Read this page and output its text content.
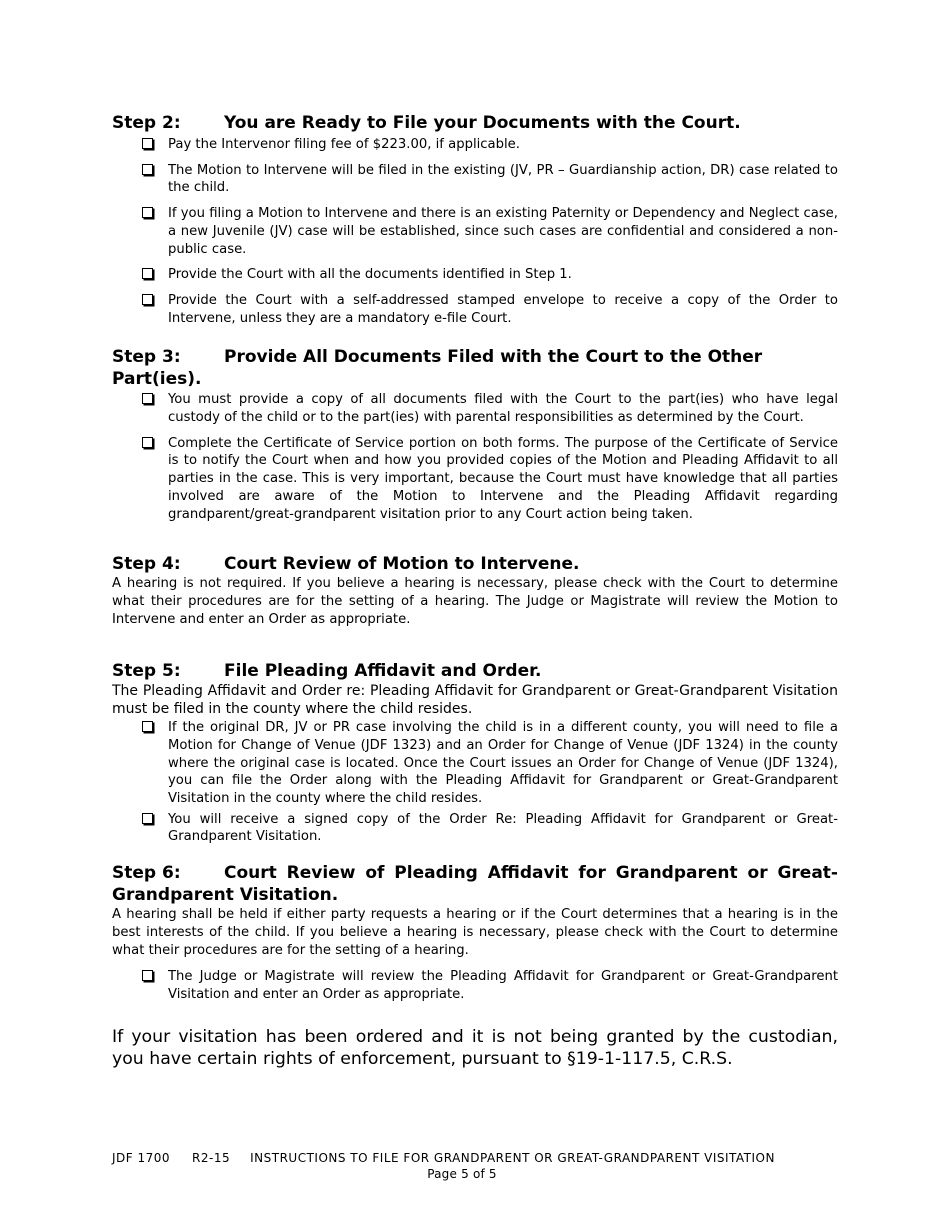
Step 2:	You are Ready to File your Documents with the Court.
Pay the Intervenor filing fee of $223.00, if applicable.
The Motion to Intervene will be filed in the existing (JV, PR – Guardianship action, DR) case related to the child.
If you filing a Motion to Intervene and there is an existing Paternity or Dependency and Neglect case, a new Juvenile (JV) case will be established, since such cases are confidential and considered a non-public case.
Provide the Court with all the documents identified in Step 1.
Provide the Court with a self-addressed stamped envelope to receive a copy of the Order to Intervene, unless they are a mandatory e-file Court.
Step 3:	Provide All Documents Filed with the Court to the Other Part(ies).
You must provide a copy of all documents filed with the Court to the part(ies) who have legal custody of the child or to the part(ies) with parental responsibilities as determined by the Court.
Complete the Certificate of Service portion on both forms. The purpose of the Certificate of Service is to notify the Court when and how you provided copies of the Motion and Pleading Affidavit to all parties in the case. This is very important, because the Court must have knowledge that all parties involved are aware of the Motion to Intervene and the Pleading Affidavit regarding grandparent/great-grandparent visitation prior to any Court action being taken.
Step 4:	Court Review of Motion to Intervene.

A hearing is not required. If you believe a hearing is necessary, please check with the Court to determine what their procedures are for the setting of a hearing. The Judge or Magistrate will review the Motion to Intervene and enter an Order as appropriate.

Step 5:	File Pleading Affidavit and Order.

The Pleading Affidavit and Order re: Pleading Affidavit for Grandparent or Great-Grandparent Visitation must be filed in the county where the child resides.

If the original DR, JV or PR case involving the child is in a different county, you will need to file a Motion for Change of Venue (JDF 1323) and an Order for Change of Venue (JDF 1324) in the county where the original case is located. Once the Court issues an Order for Change of Venue (JDF 1324), you can file the Order along with the Pleading Affidavit for Grandparent or Great-Grandparent Visitation in the county where the child resides.
You will receive a signed copy of the Order Re: Pleading Affidavit for Grandparent or Great-Grandparent Visitation.
Step 6:	Court Review of Pleading Affidavit for Grandparent or Great-Grandparent Visitation.

A hearing shall be held if either party requests a hearing or if the Court determines that a hearing is in the best interests of the child. If you believe a hearing is necessary, please check with the Court to determine what their procedures are for the setting of a hearing.

The Judge or Magistrate will review the Pleading Affidavit for Grandparent or Great-Grandparent Visitation and enter an Order as appropriate.

If your visitation has been ordered and it is not being granted by the custodian, you have certain rights of enforcement, pursuant to §19-1-117.5, C.R.S.

JDF 1700 R2-15 INSTRUCTIONS TO FILE FOR GRANDPARENT OR GREAT-GRANDPARENT VISITATION
Page 5 of 5
